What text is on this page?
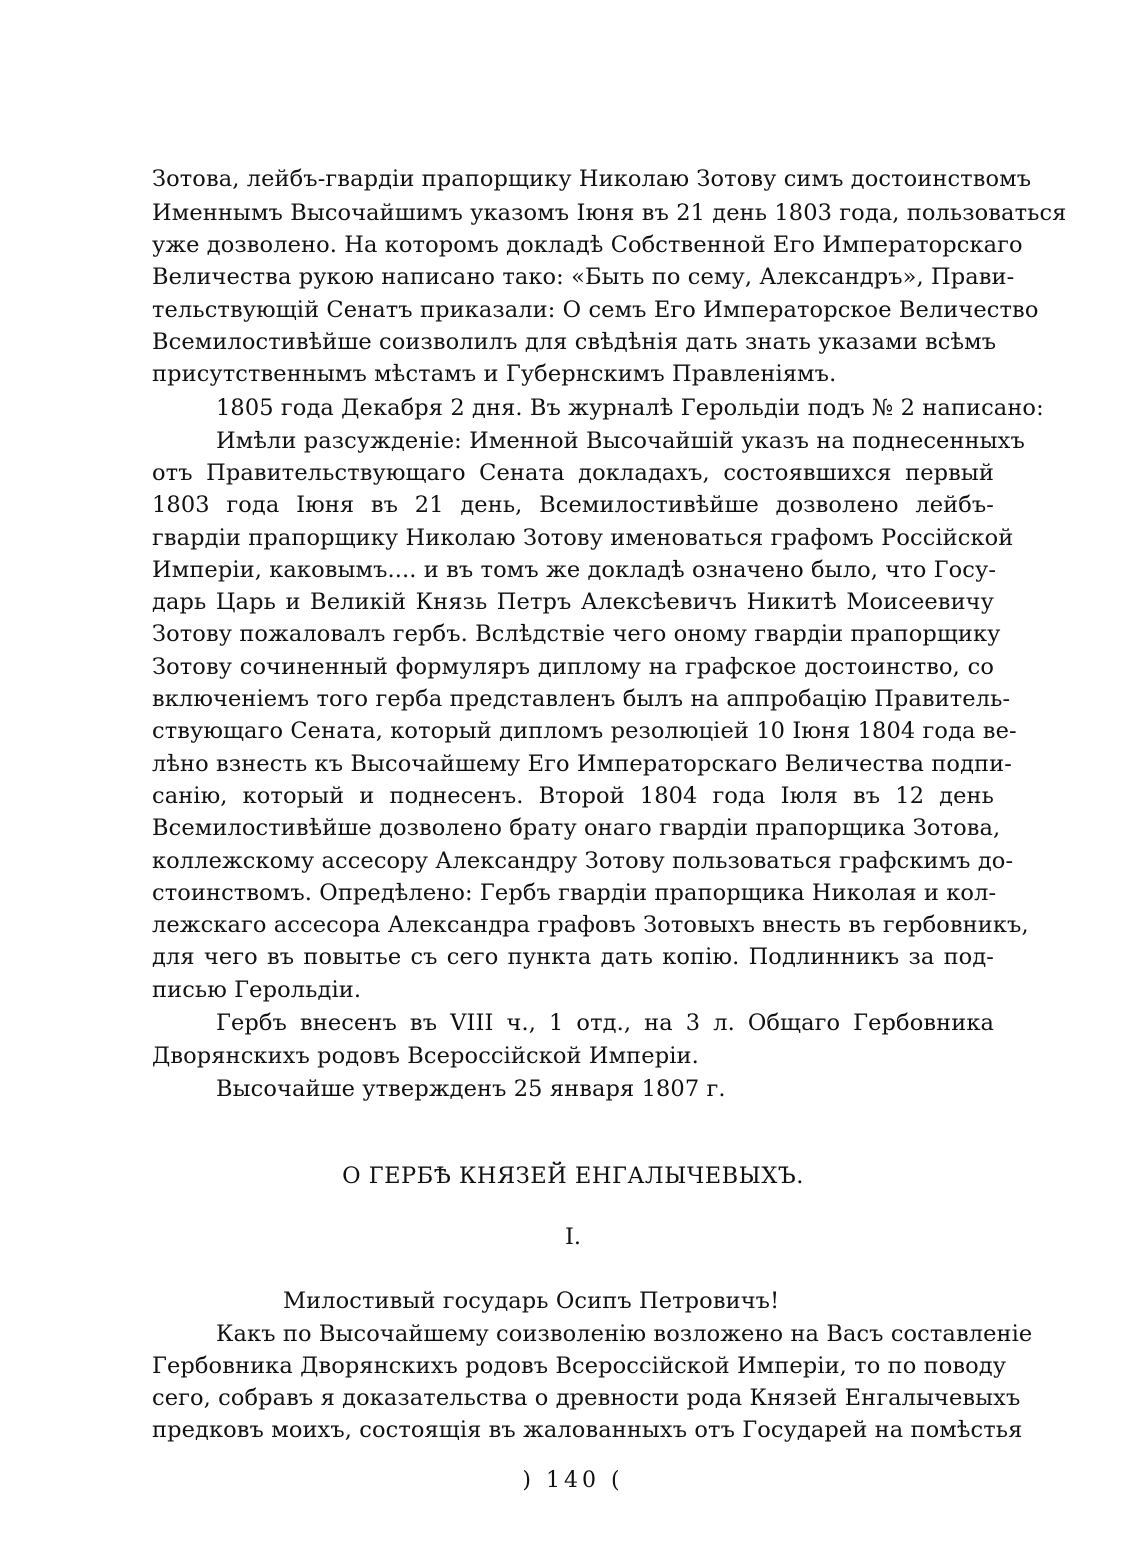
Зотова, лейбъ-гвардіи прапорщику Николаю Зотову симъ достоинствомъ
Именнымъ Высочайшимъ указомъ Іюня въ 21 день 1803 года, пользоваться
уже дозволено. На которомъ докладѣ Собственной Его Императорскаго
Величества рукою написано тако: «Быть по сему, Александръ», Прави-
тельствующій Сенатъ приказали: О семъ Его Императорское Величество
Всемилостивѣйше соизволилъ для свѣдѣнія дать знать указами всѣмъ
присутственнымъ мѣстамъ и Губернскимъ Правленіямъ.
1805 года Декабря 2 дня. Въ журналѣ Герольдіи подъ № 2 написано:
Имѣли разсужденіе: Именной Высочайшій указъ на поднесенныхъ
отъ Правительствующаго Сената докладахъ, состоявшихся первый
1803 года Іюня въ 21 день, Всемилостивѣйше дозволено лейбъ-
гвардіи прапорщику Николаю Зотову именоваться графомъ Россійской
Имперіи, каковымъ.... и въ томъ же докладѣ означено было, что Госу-
дарь Царь и Великій Князь Петръ Алексѣевичъ Никитѣ Моисеевичу
Зотову пожаловалъ гербъ. Вслѣдствіе чего оному гвардіи прапорщику
Зотову сочиненный формуляръ диплому на графское достоинство, со
включеніемъ того герба представленъ былъ на аппробацію Правитель-
ствующаго Сената, который дипломъ резолюціей 10 Іюня 1804 года ве-
лѣно взнесть къ Высочайшему Его Императорскаго Величества подпи-
санію, который и поднесенъ. Второй 1804 года Іюля въ 12 день
Всемилостивѣйше дозволено брату онаго гвардіи прапорщика Зотова,
коллежскому ассесору Александру Зотову пользоваться графскимъ до-
стоинствомъ. Опредѣлено: Гербъ гвардіи прапорщика Николая и кол-
лежскаго ассесора Александра графовъ Зотовыхъ внесть въ гербовникъ,
для чего въ повытье съ сего пункта дать копію. Подлинникъ за под-
писью Герольдіи.
Гербъ внесенъ въ VIII ч., 1 отд., на 3 л. Общаго Гербовника
Дворянскихъ родовъ Всероссійской Имперіи.
Высочайше утвержденъ 25 января 1807 г.
О ГЕРБѢ КНЯЗЕЙ ЕНГАЛЫЧЕВЫХЪ.
I.
Милостивый государь Осипъ Петровичъ!
Какъ по Высочайшему соизволенію возложено на Васъ составленіе
Гербовника Дворянскихъ родовъ Всероссійской Имперіи, то по поводу
сего, собравъ я доказательства о древности рода Князей Енгалычевыхъ
предковъ моихъ, состоящія въ жалованныхъ отъ Государей на помѣстья
) 140 (
